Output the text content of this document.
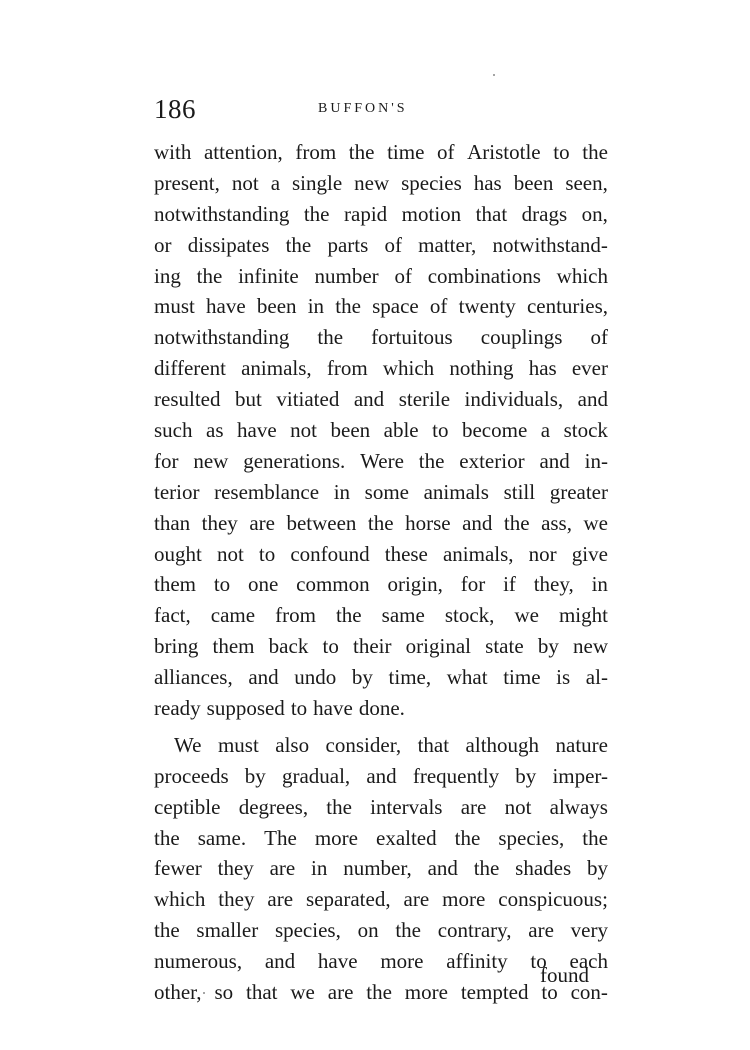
186	BUFFON'S
with attention, from the time of Aristotle to the
present, not a single new species has been seen,
notwithstanding the rapid motion that drags on,
or dissipates the parts of matter, notwithstand-
ing the infinite number of combinations which
must have been in the space of twenty centuries,
notwithstanding the fortuitous couplings of
different animals, from which nothing has ever
resulted but vitiated and sterile individuals, and
such as have not been able to become a stock
for new generations. Were the exterior and in-
terior resemblance in some animals still greater
than they are between the horse and the ass, we
ought not to confound these animals, nor give
them to one common origin, for if they, in
fact, came from the same stock, we might
bring them back to their original state by new
alliances, and undo by time, what time is al-
ready supposed to have done.
We must also consider, that although nature
proceeds by gradual, and frequently by imper-
ceptible degrees, the intervals are not always
the same. The more exalted the species, the
fewer they are in number, and the shades by
which they are separated, are more conspicuous;
the smaller species, on the contrary, are very
numerous, and have more affinity to each
other, so that we are the more tempted to con-
found
